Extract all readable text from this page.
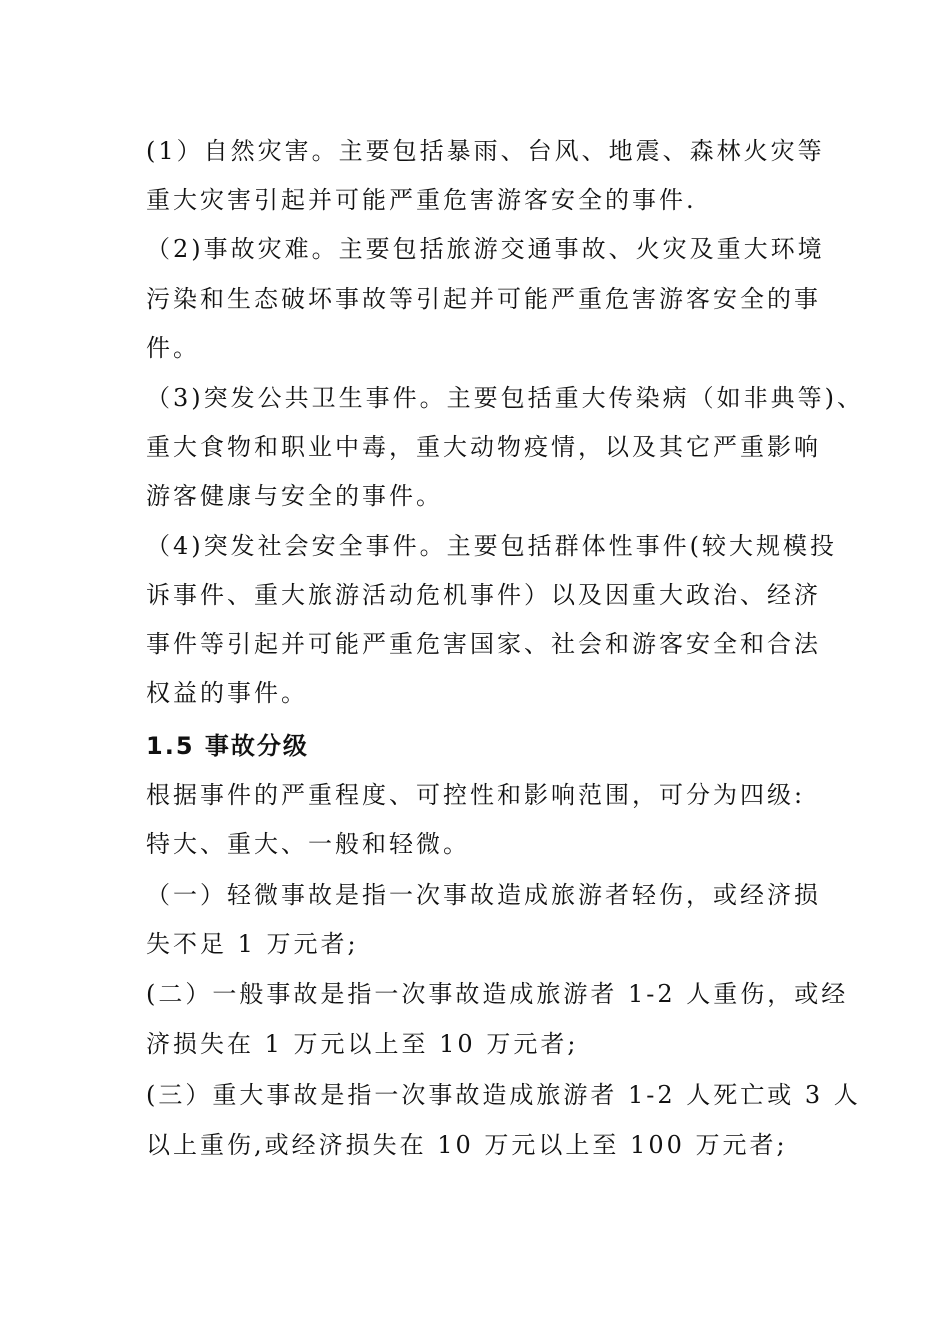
(1）自然灾害。主要包括暴雨、台风、地震、森林火灾等
重大灾害引起并可能严重危害游客安全的事件.
（2)事故灾难。主要包括旅游交通事故、火灾及重大环境
污染和生态破坏事故等引起并可能严重危害游客安全的事
件。
（3)突发公共卫生事件。主要包括重大传染病（如非典等)、
重大食物和职业中毒，重大动物疫情，以及其它严重影响
游客健康与安全的事件。
（4)突发社会安全事件。主要包括群体性事件(较大规模投
诉事件、重大旅游活动危机事件）以及因重大政治、经济
事件等引起并可能严重危害国家、社会和游客安全和合法
权益的事件。
1.5 事故分级
根据事件的严重程度、可控性和影响范围，可分为四级:
特大、重大、一般和轻微。
（一）轻微事故是指一次事故造成旅游者轻伤，或经济损
失不足 1 万元者;
(二）一般事故是指一次事故造成旅游者 1-2 人重伤，或经
济损失在 1 万元以上至 10 万元者;
(三）重大事故是指一次事故造成旅游者 1-2 人死亡或 3 人
以上重伤,或经济损失在 10 万元以上至 100 万元者;
